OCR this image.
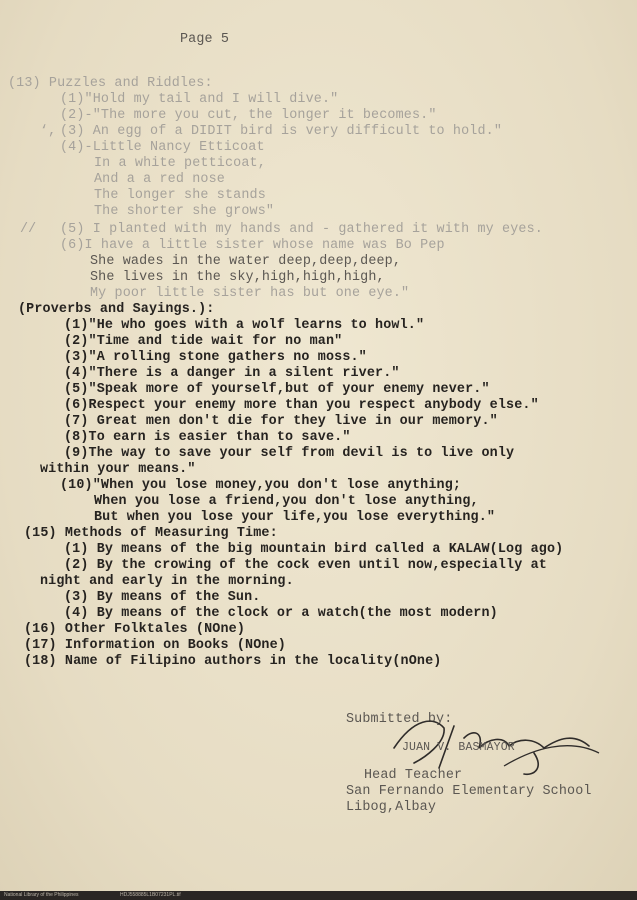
Page 5
(13) Puzzles and Riddles:
(1)"Hold my tail and I will dive."
(2)-"The more you cut, the longer it becomes."
‘, (3) An egg of a DIDIT bird is very difficult to hold."
(4)-Little Nancy Etticoat
In a white petticoat,
And a a red nose
The longer she stands
The shorter she grows"
// (5) I planted with my hands and - gathered it with my eyes.
(6)I have a little sister whose name was Bo Pep
She wades in the water deep,deep,deep,
She lives in the sky,high,high,high,
My poor little sister has but one eye."
(Proverbs and Sayings.):
(1)"He who goes with a wolf learns to howl."
(2)"Time and tide wait for no man"
(3)"A rolling stone gathers no moss."
(4)"There is a danger in a silent river."
(5)"Speak more of yourself,but of your enemy never."
(6)Respect your enemy more than you respect anybody else."
(7) Great men don't die for they live in our memory."
(8)To earn is easier than to save."
(9)The way to save your self from devil is to live only
within your means."
(10)"When you lose money,you don't lose anything;
When you lose a friend,you don't lose anything,
But when you lose your life,you lose everything."
(15) Methods of Measuring Time:
(1) By means of the big mountain bird called a KALAW(Log ago)
(2) By the crowing of the cock even until now,especially at
night and early in the morning.
(3) By means of the Sun.
(4) By means of the clock or a watch(the most modern)
(16) Other Folktales (NOne)
(17) Information on Books (NOne)
(18) Name of Filipino authors in the locality(nOne)
Submitted by:
JUAN V. BASMAYOR
Head Teacher
San Fernando Elementary School
Libog,Albay
National Library of the Philippines	HDJ558885L1B07231PL.tif
